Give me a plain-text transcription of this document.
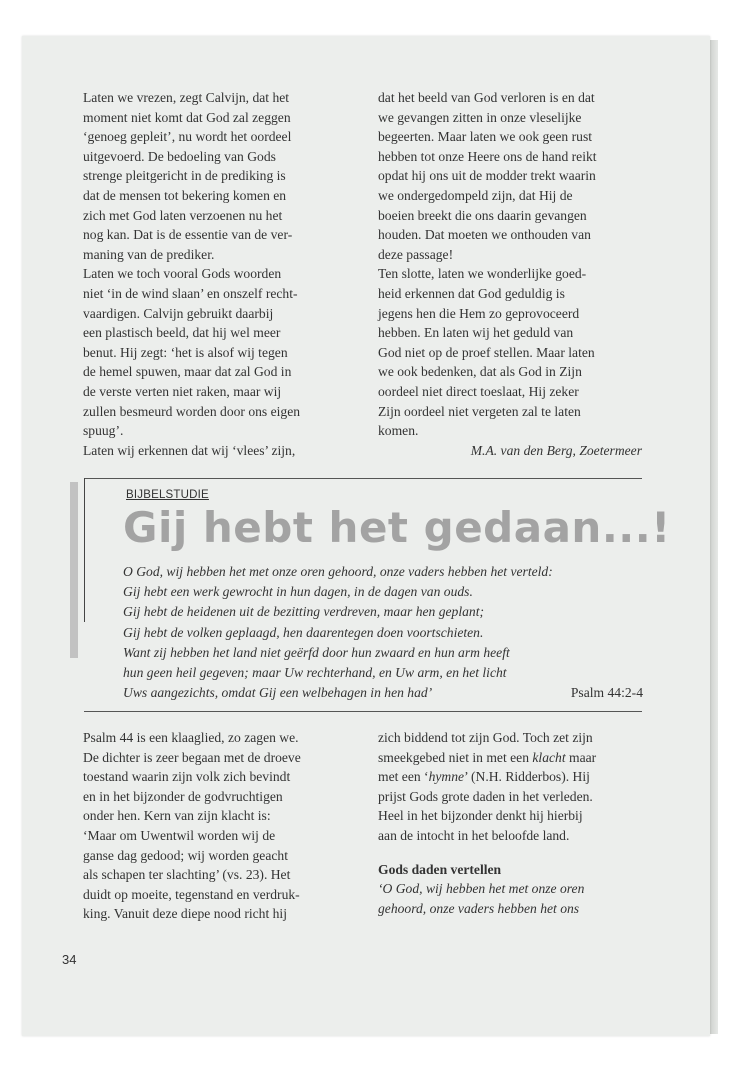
Laten we vrezen, zegt Calvijn, dat het

moment niet komt dat God zal zeggen

‘genoeg gepleit’, nu wordt het oordeel

uitgevoerd. De bedoeling van Gods

strenge pleitgericht in de prediking is

dat de mensen tot bekering komen en

zich met God laten verzoenen nu het

nog kan. Dat is de essentie van de ver-

maning van de prediker.

Laten we toch vooral Gods woorden

niet ‘in de wind slaan’ en onszelf recht-

vaardigen. Calvijn gebruikt daarbij

een plastisch beeld, dat hij wel meer

benut. Hij zegt: ‘het is alsof wij tegen

de hemel spuwen, maar dat zal God in

de verste verten niet raken, maar wij

zullen besmeurd worden door ons eigen

spuug’.

Laten wij erkennen dat wij ‘vlees’ zijn,

dat het beeld van God verloren is en dat

we gevangen zitten in onze vleselijke

begeerten. Maar laten we ook geen rust

hebben tot onze Heere ons de hand reikt

opdat hij ons uit de modder trekt waarin

we ondergedompeld zijn, dat Hij de

boeien breekt die ons daarin gevangen

houden. Dat moeten we onthouden van

deze passage!

Ten slotte, laten we wonderlijke goed-

heid erkennen dat God geduldig is

jegens hen die Hem zo geprovoceerd

hebben. En laten wij het geduld van

God niet op de proef stellen. Maar laten

we ook bedenken, dat als God in Zijn

oordeel niet direct toeslaat, Hij zeker

Zijn oordeel niet vergeten zal te laten

komen.

M.A. van den Berg, Zoetermeer

BIJBELSTUDIE
Gij hebt het gedaan...!

O God, wij hebben het met onze oren gehoord, onze vaders hebben het verteld:

Gij hebt een werk gewrocht in hun dagen, in de dagen van ouds.

Gij hebt de heidenen uit de bezitting verdreven, maar hen geplant;

Gij hebt de volken geplaagd, hen daarentegen doen voortschieten.

Want zij hebben het land niet geërfd door hun zwaard en hun arm heeft

hun geen heil gegeven; maar Uw rechterhand, en Uw arm, en het licht

Uws aangezichts, omdat Gij een welbehagen in hen had’	Psalm 44:2-4

Psalm 44 is een klaaglied, zo zagen we.

De dichter is zeer begaan met de droeve

toestand waarin zijn volk zich bevindt

en in het bijzonder de godvruchtigen

onder hen. Kern van zijn klacht is:

‘Maar om Uwentwil worden wij de

ganse dag gedood; wij worden geacht

als schapen ter slachting’ (vs. 23). Het

duidt op moeite, tegenstand en verdruk-

king. Vanuit deze diepe nood richt hij

zich biddend tot zijn God. Toch zet zijn

smeekgebed niet in met een klacht maar

met een ‘hymne’ (N.H. Ridderbos). Hij

prijst Gods grote daden in het verleden.

Heel in het bijzonder denkt hij hierbij

aan de intocht in het beloofde land.

Gods daden vertellen

‘O God, wij hebben het met onze oren

gehoord, onze vaders hebben het ons

34
